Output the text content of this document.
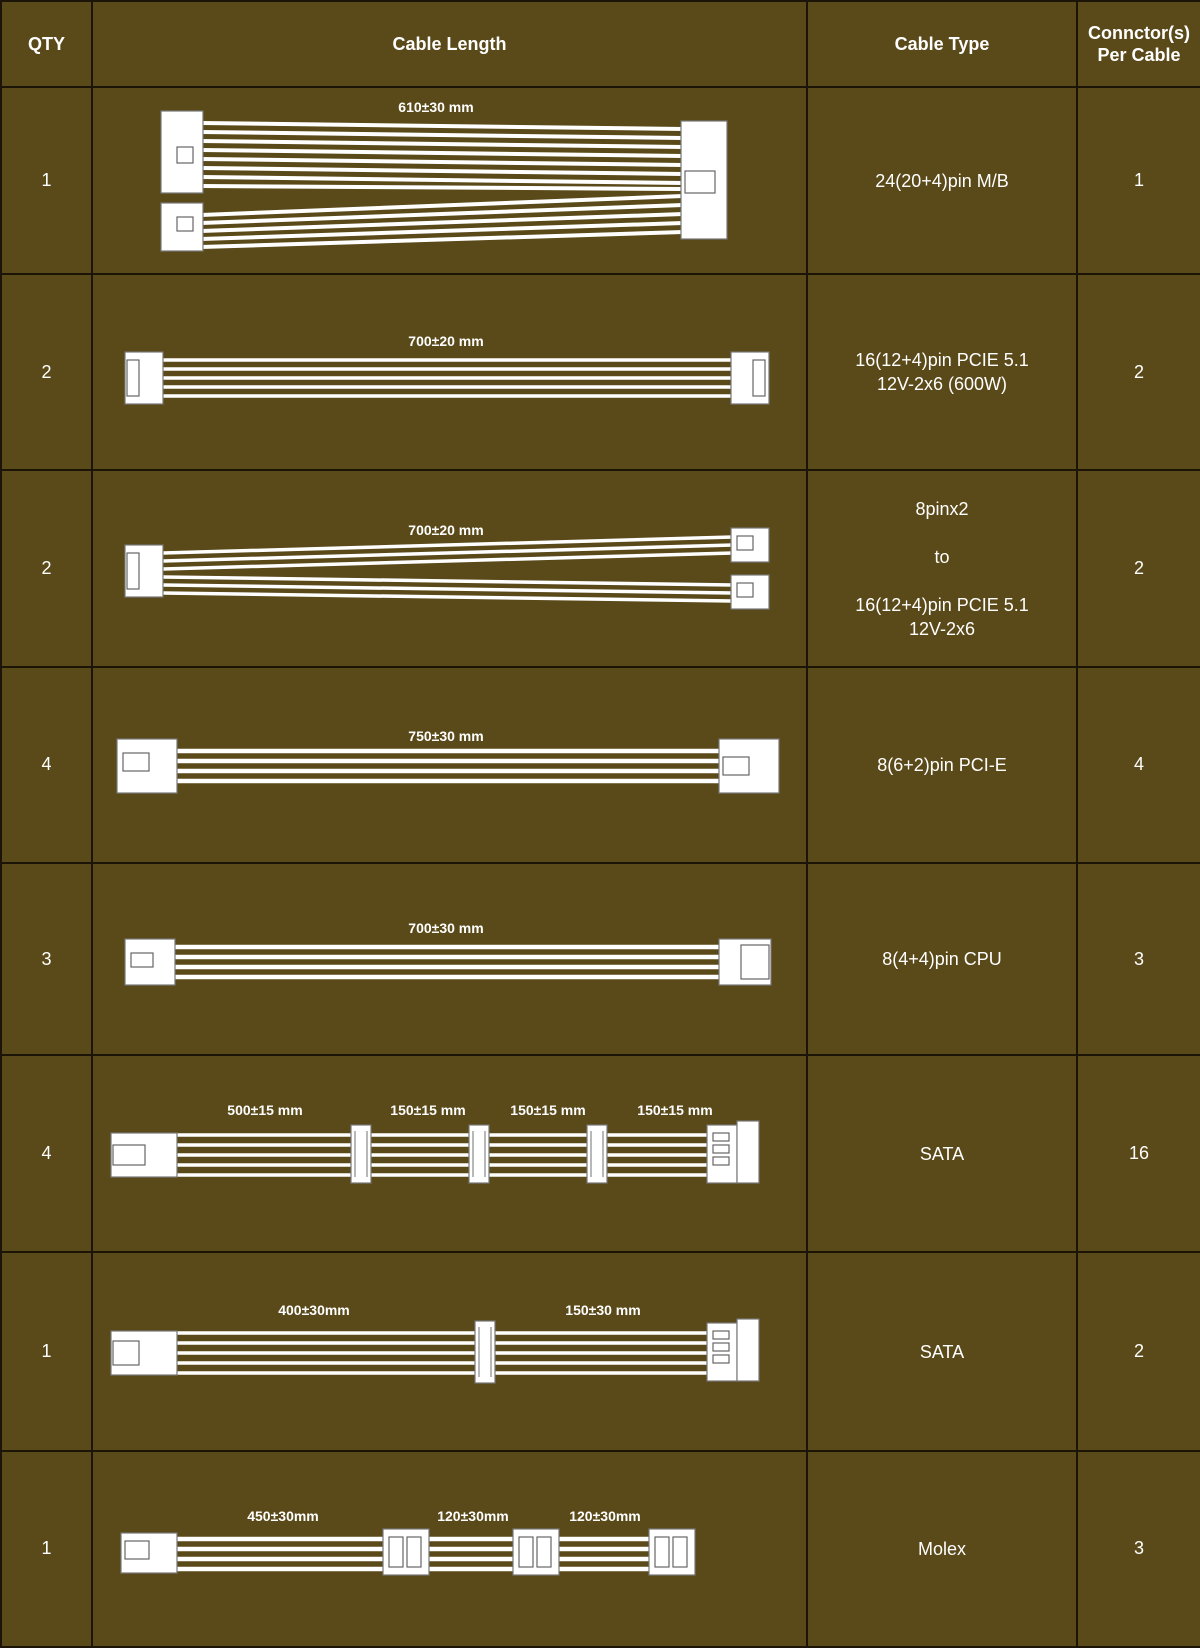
QTY	Cable Length	Cable Type	Connctor(s)
Per Cable

1	610±30 mm	24(20+4)pin M/B	1
2	700±20 mm	16(12+4)pin PCIE 5.1
12V-2x6 (600W)	2
2	700±20 mm	8pinx2
to
16(12+4)pin PCIE 5.1
12V-2x6	2
4	750±30 mm	8(6+2)pin PCI-E	4
3	700±30 mm	8(4+4)pin CPU	3
4	500±15 mm 150±15 mm 150±15 mm 150±15 mm	SATA	16
1	400±30mm 150±30 mm	SATA	2
1	450±30mm 120±30mm 120±30mm	Molex	3
